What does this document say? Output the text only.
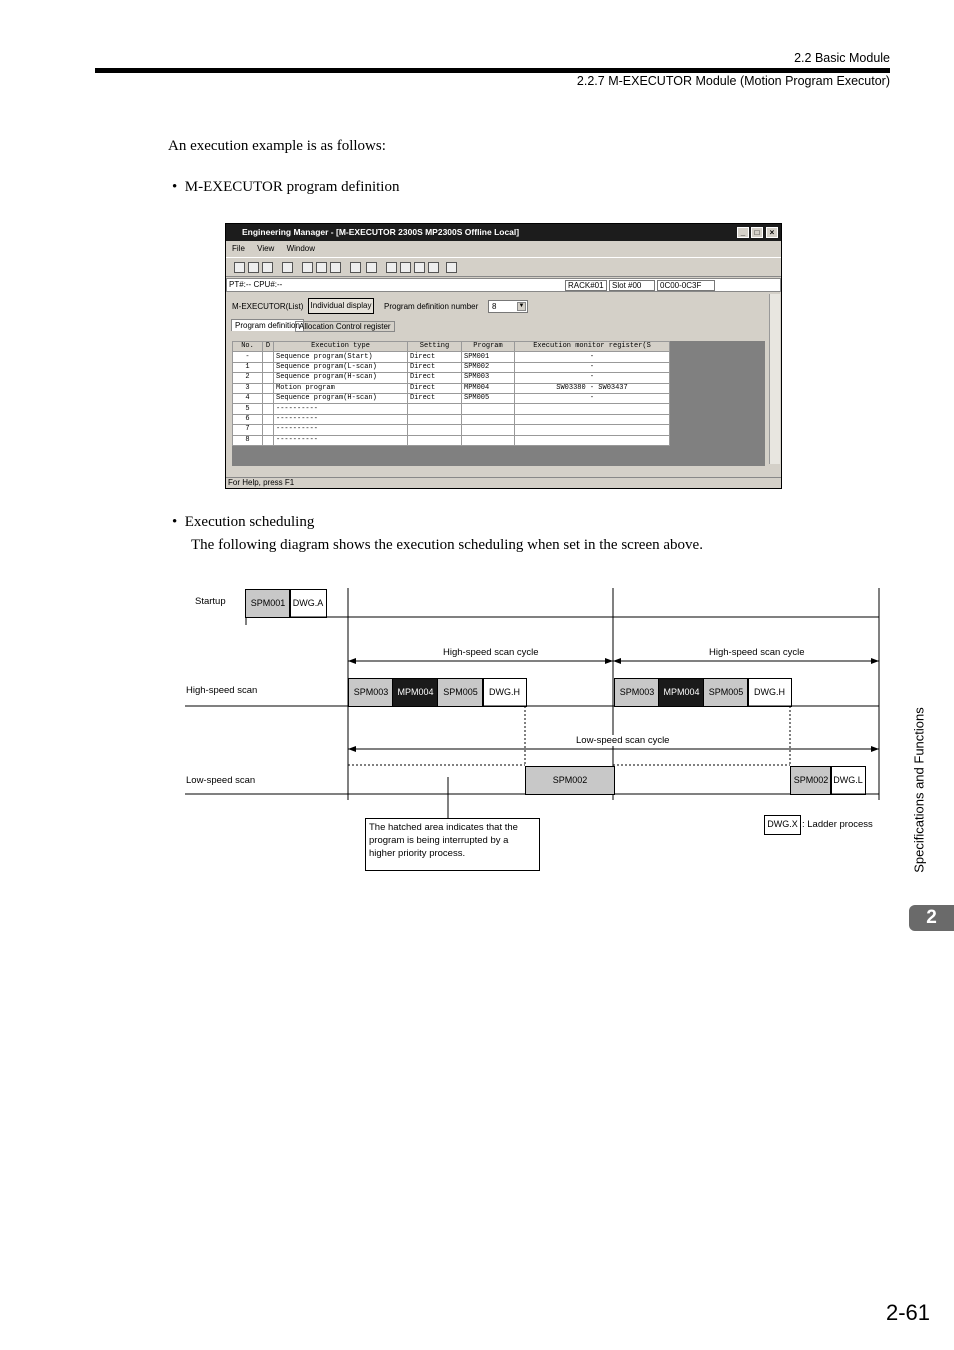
2.2 Basic Module
2.2.7 M-EXECUTOR Module (Motion Program Executor)
An execution example is as follows:
•  M-EXECUTOR program definition
Engineering Manager - [M-EXECUTOR 2300S MP2300S Offline Local]	_	□	×
File View Window
PT#:-- CPU#:--	RACK#01	Slot #00	0C00-0C3F
M-EXECUTOR(List) Individual display	Program definition number	8	▼
Program definition Allocation Control register
No.	D	Execution type	Setting	Program	Execution monitor register(S
-		Sequence program(Start)	Direct	SPM001	-
1		Sequence program(L-scan)	Direct	SPM002	-
2		Sequence program(H-scan)	Direct	SPM003	-
3		Motion program	Direct	MPM004	SW03380 - SW03437
4		Sequence program(H-scan)	Direct	SPM005	-
5		----------			
6		----------			
7		----------			
8		----------			
For Help, press F1
•  Execution scheduling
The following diagram shows the execution scheduling when set in the screen above.
Startup	SPM001 DWG.A
High-speed scan cycle	High-speed scan cycle
High-speed scan	SPM003	MPM004	SPM005	DWG.H	SPM003	MPM004	SPM005	DWG.H
Low-speed scan cycle
Low-speed scan	SPM002	SPM002 DWG.L
DWG.X : Ladder process
The hatched area indicates that the program is being interrupted by a higher priority process.	Specifications and Functions
2
2-61
